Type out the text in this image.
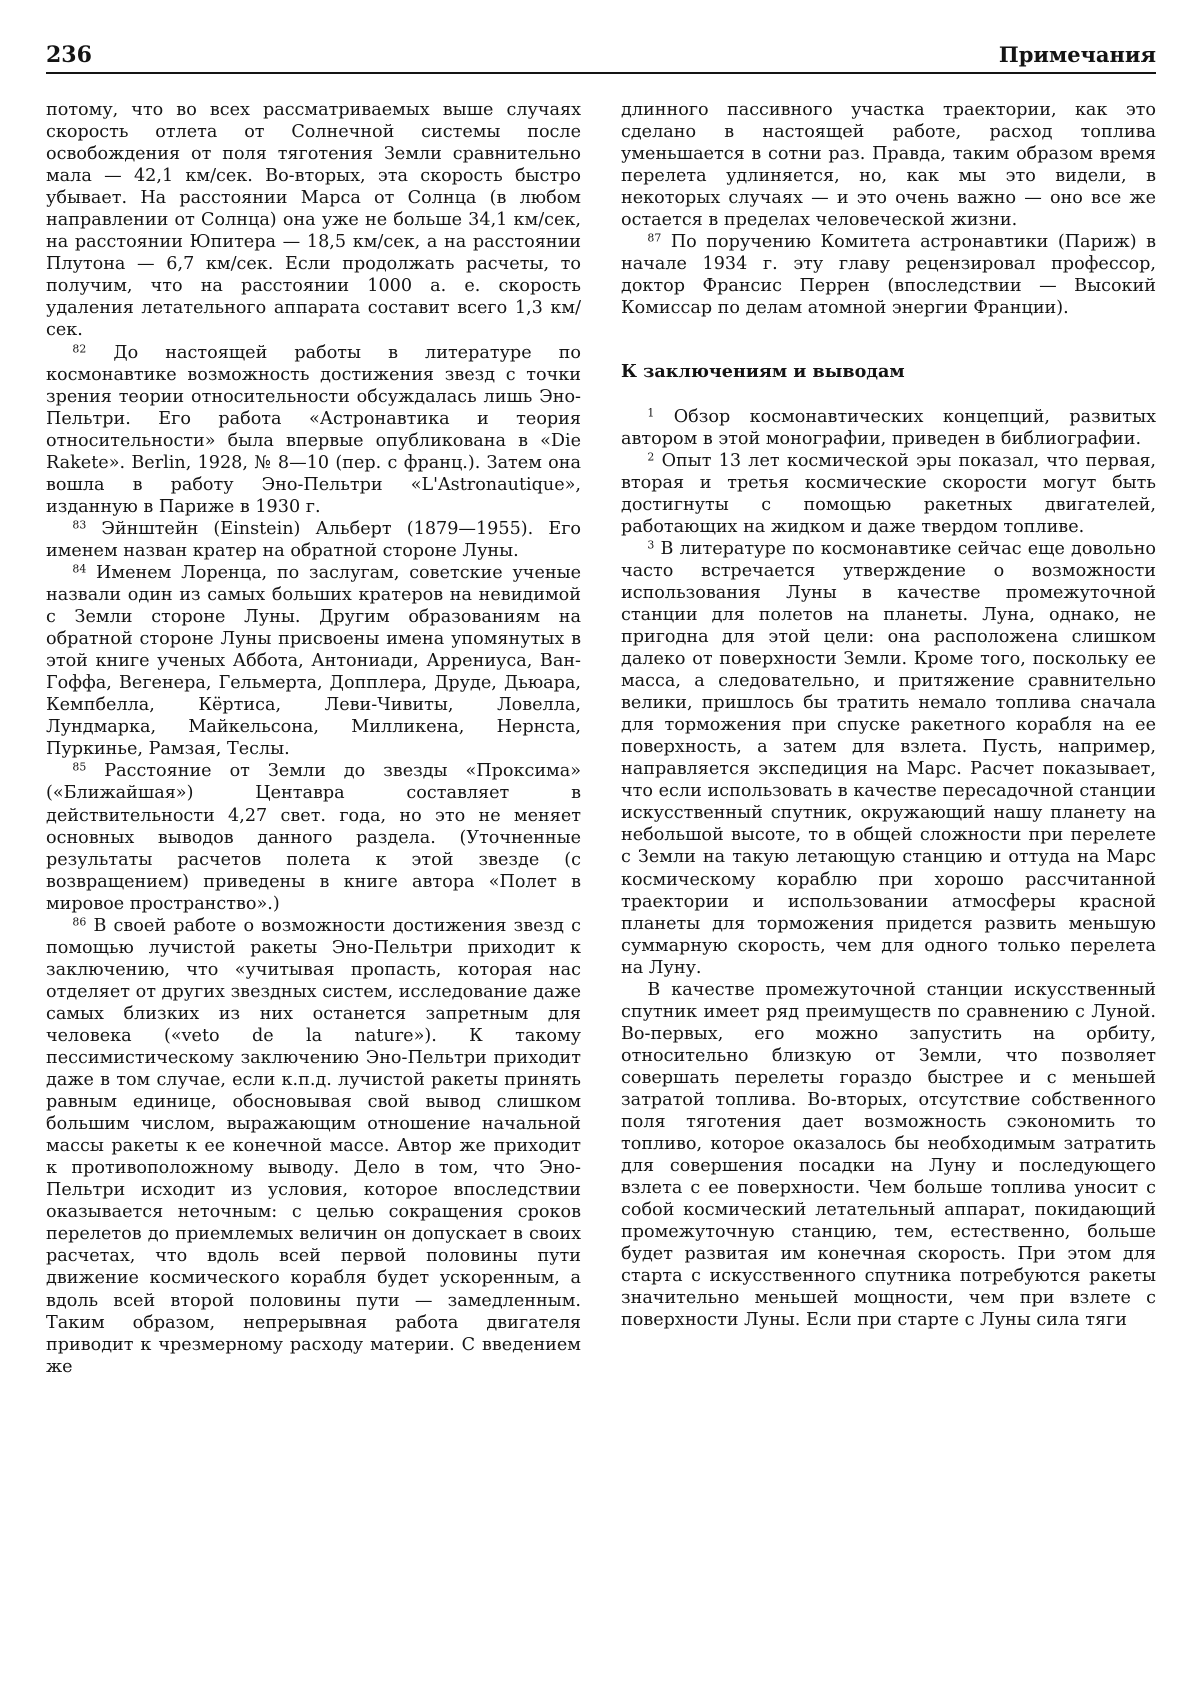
236	Примечания

потому, что во всех рассматриваемых выше случаях скорость отлета от Солнечной системы после освобождения от поля тяготения Земли сравнительно мала — 42,1 км/сек. Во-вторых, эта скорость быстро убывает. На расстоянии Марса от Солнца (в любом направлении от Солнца) она уже не больше 34,1 км/сек, на расстоянии Юпитера — 18,5 км/сек, а на расстоянии Плутона — 6,7 км/сек. Если продолжать расчеты, то получим, что на расстоянии 1000 а. е. скорость удаления летательного аппарата составит всего 1,3 км/сек.

$^{82}$ До настоящей работы в литературе по космонавтике возможность достижения звезд с точки зрения теории относительности обсуждалась лишь Эно-Пельтри. Его работа «Астронавтика и теория относительности» была впервые опубликована в «Die Rakete». Berlin, 1928, № 8—10 (пер. с франц.). Затем она вошла в работу Эно-Пельтри «L'Astronautique», изданную в Париже в 1930 г.

$^{83}$ Эйнштейн (Einstein) Альберт (1879—1955). Его именем назван кратер на обратной стороне Луны.

$^{84}$ Именем Лоренца, по заслугам, советские ученые назвали один из самых больших кратеров на невидимой с Земли стороне Луны. Другим образованиям на обратной стороне Луны присвоены имена упомянутых в этой книге ученых Аббота, Антониади, Аррениуса, Ван-Гоффа, Вегенера, Гельмерта, Допплера, Друде, Дьюара, Кемпбелла, Кёртиса, Леви-Чивиты, Ловелла, Лундмарка, Майкельсона, Милликена, Нернста, Пуркинье, Рамзая, Теслы.

$^{85}$ Расстояние от Земли до звезды «Проксима» («Ближайшая») Центавра составляет в действительности 4,27 свет. года, но это не меняет основных выводов данного раздела. (Уточненные результаты расчетов полета к этой звезде (с возвращением) приведены в книге автора «Полет в мировое пространство».)

$^{86}$ В своей работе о возможности достижения звезд с помощью лучистой ракеты Эно-Пельтри приходит к заключению, что «учитывая пропасть, которая нас отделяет от других звездных систем, исследование даже самых близких из них останется запретным для человека («veto de la nature»). К такому пессимистическому заключению Эно-Пельтри приходит даже в том случае, если к.п.д. лучистой ракеты принять равным единице, обосновывая свой вывод слишком большим числом, выражающим отношение начальной массы ракеты к ее конечной массе. Автор же приходит к противоположному выводу. Дело в том, что Эно-Пельтри исходит из условия, которое впоследствии оказывается неточным: с целью сокращения сроков перелетов до приемлемых величин он допускает в своих расчетах, что вдоль всей первой половины пути движение космического корабля будет ускоренным, а вдоль всей второй половины пути — замедленным. Таким образом, непрерывная работа двигателя приводит к чрезмерному расходу материи. С введением же

длинного пассивного участка траектории, как это сделано в настоящей работе, расход топлива уменьшается в сотни раз. Правда, таким образом время перелета удлиняется, но, как мы это видели, в некоторых случаях — и это очень важно — оно все же остается в пределах человеческой жизни.

$^{87}$ По поручению Комитета астронавтики (Париж) в начале 1934 г. эту главу рецензировал профессор, доктор Франсис Перрен (впоследствии — Высокий Комиссар по делам атомной энергии Франции).

К заключениям и выводам

$^1$ Обзор космонавтических концепций, развитых автором в этой монографии, приведен в библиографии.

$^2$ Опыт 13 лет космической эры показал, что первая, вторая и третья космические скорости могут быть достигнуты с помощью ракетных двигателей, работающих на жидком и даже твердом топливе.

$^3$ В литературе по космонавтике сейчас еще довольно часто встречается утверждение о возможности использования Луны в качестве промежуточной станции для полетов на планеты. Луна, однако, не пригодна для этой цели: она расположена слишком далеко от поверхности Земли. Кроме того, поскольку ее масса, а следовательно, и притяжение сравнительно велики, пришлось бы тратить немало топлива сначала для торможения при спуске ракетного корабля на ее поверхность, а затем для взлета. Пусть, например, направляется экспедиция на Марс. Расчет показывает, что если использовать в качестве пересадочной станции искусственный спутник, окружающий нашу планету на небольшой высоте, то в общей сложности при перелете с Земли на такую летающую станцию и оттуда на Марс космическому кораблю при хорошо рассчитанной траектории и использовании атмосферы красной планеты для торможения придется развить меньшую суммарную скорость, чем для одного только перелета на Луну.

В качестве промежуточной станции искусственный спутник имеет ряд преимуществ по сравнению с Луной. Во-первых, его можно запустить на орбиту, относительно близкую от Земли, что позволяет совершать перелеты гораздо быстрее и с меньшей затратой топлива. Во-вторых, отсутствие собственного поля тяготения дает возможность сэкономить то топливо, которое оказалось бы необходимым затратить для совершения посадки на Луну и последующего взлета с ее поверхности. Чем больше топлива уносит с собой космический летательный аппарат, покидающий промежуточную станцию, тем, естественно, больше будет развитая им конечная скорость. При этом для старта с искусственного спутника потребуются ракеты значительно меньшей мощности, чем при взлете с поверхности Луны. Если при старте с Луны сила тяги
